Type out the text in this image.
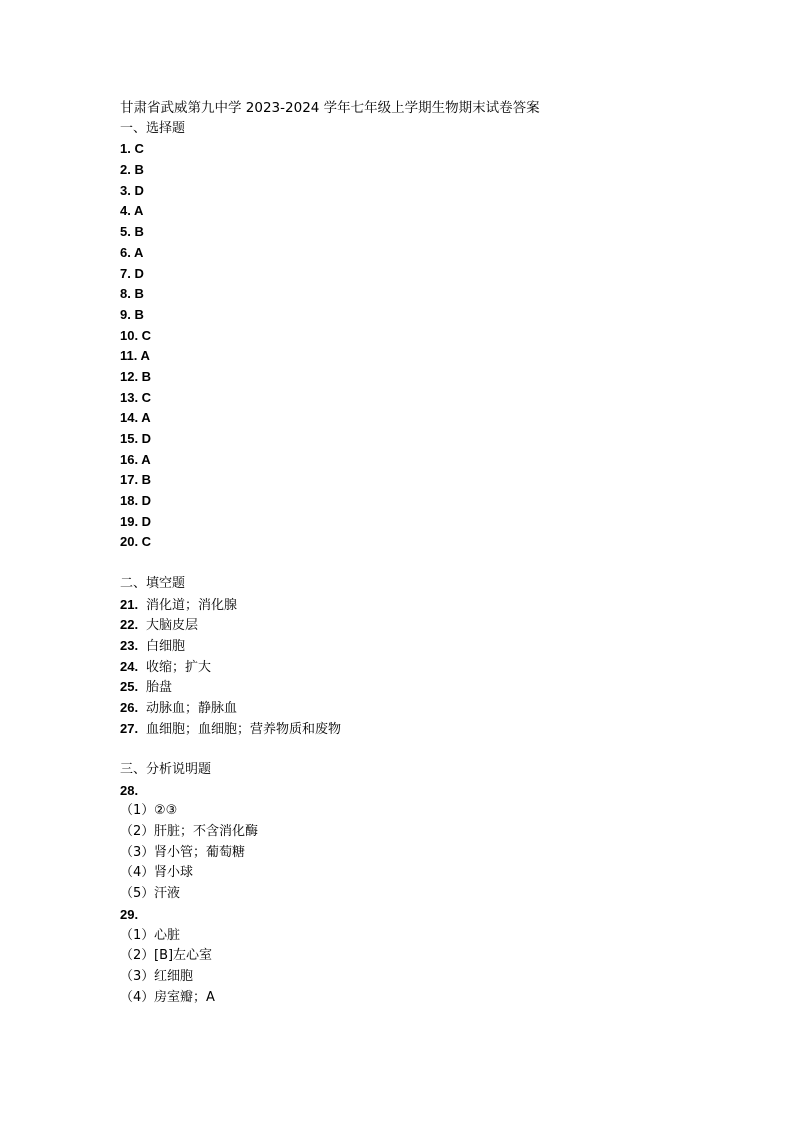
甘肃省武威第九中学 2023-2024 学年七年级上学期生物期末试卷答案
一、选择题
1. C
2. B
3. D
4. A
5. B
6. A
7. D
8. B
9. B
10. C
11. A
12. B
13. C
14. A
15. D
16. A
17. B
18. D
19. D
20. C
二、填空题
21. 消化道；消化腺
22. 大脑皮层
23. 白细胞
24. 收缩；扩大
25. 胎盘
26. 动脉血；静脉血
27. 血细胞；血细胞；营养物质和废物
三、分析说明题
28.
（1）②③
（2）肝脏；不含消化酶
（3）肾小管；葡萄糖
（4）肾小球
（5）汗液
29.
（1）心脏
（2）[B]左心室
（3）红细胞
（4）房室瓣；A
